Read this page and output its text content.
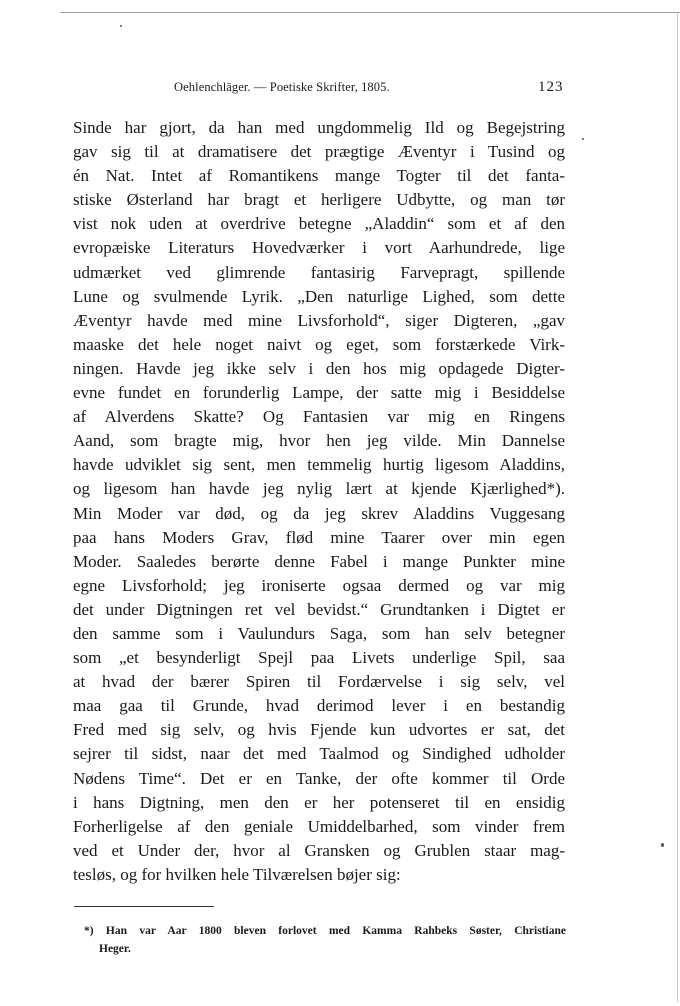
Oehlenchläger. — Poetiske Skrifter, 1805.	123
Sinde har gjort, da han med ungdommelig Ild og Begejstring
gav sig til at dramatisere det prægtige Æventyr i Tusind og
én Nat. Intet af Romantikens mange Togter til det fanta-
stiske Østerland har bragt et herligere Udbytte, og man tør
vist nok uden at overdrive betegne „Aladdin“ som et af den
evropæiske Literaturs Hovedværker i vort Aarhundrede, lige
udmærket ved glimrende fantasirig Farvepragt, spillende
Lune og svulmende Lyrik. „Den naturlige Lighed, som dette
Æventyr havde med mine Livsforhold“, siger Digteren, „gav
maaske det hele noget naivt og eget, som forstærkede Virk-
ningen. Havde jeg ikke selv i den hos mig opdagede Digter-
evne fundet en forunderlig Lampe, der satte mig i Besiddelse
af Alverdens Skatte? Og Fantasien var mig en Ringens
Aand, som bragte mig, hvor hen jeg vilde. Min Dannelse
havde udviklet sig sent, men temmelig hurtig ligesom Aladdins,
og ligesom han havde jeg nylig lært at kjende Kjærlighed*).
Min Moder var død, og da jeg skrev Aladdins Vuggesang
paa hans Moders Grav, flød mine Taarer over min egen
Moder. Saaledes berørte denne Fabel i mange Punkter mine
egne Livsforhold; jeg ironiserte ogsaa dermed og var mig
det under Digtningen ret vel bevidst.“ Grundtanken i Digtet er
den samme som i Vaulundurs Saga, som han selv betegner
som „et besynderligt Spejl paa Livets underlige Spil, saa
at hvad der bærer Spiren til Fordærvelse i sig selv, vel
maa gaa til Grunde, hvad derimod lever i en bestandig
Fred med sig selv, og hvis Fjende kun udvortes er sat, det
sejrer til sidst, naar det med Taalmod og Sindighed udholder
Nødens Time“. Det er en Tanke, der ofte kommer til Orde
i hans Digtning, men den er her potenseret til en ensidig
Forherligelse af den geniale Umiddelbarhed, som vinder frem
ved et Under der, hvor al Gransken og Grublen staar mag-
tesløs, og for hvilken hele Tilværelsen bøjer sig:
*) Han var Aar 1800 bleven forlovet med Kamma Rahbeks Søster, Christiane
Heger.
